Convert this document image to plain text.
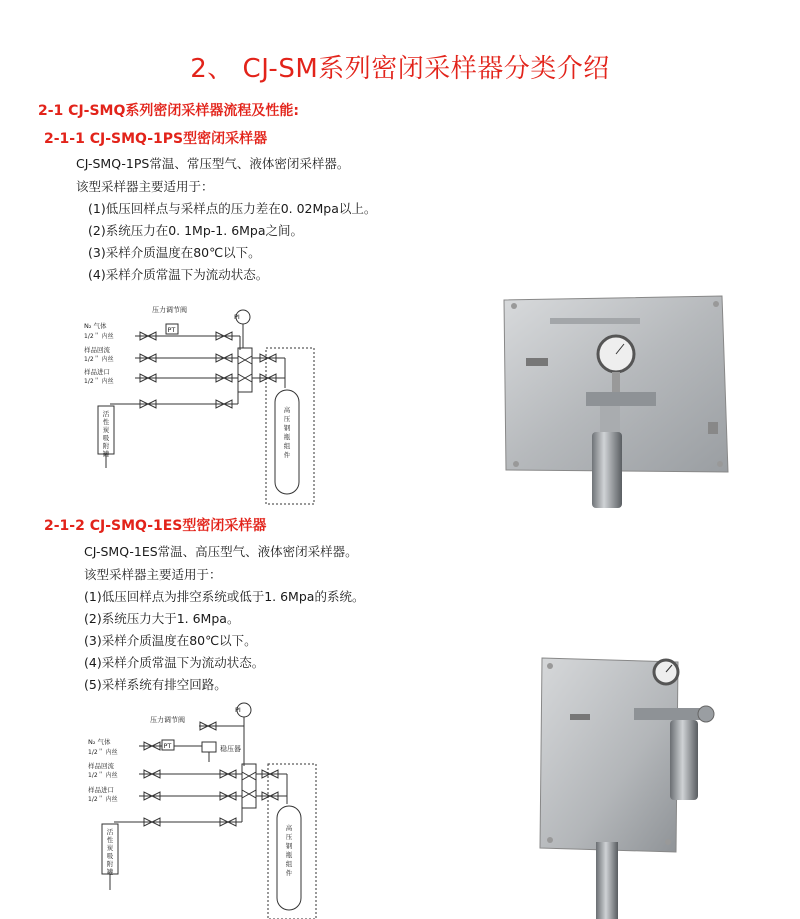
2、 CJ-SM系列密闭采样器分类介绍
2-1 CJ-SMQ系列密闭采样器流程及性能:
2-1-1 CJ-SMQ-1PS型密闭采样器
CJ-SMQ-1PS常温、常压型气、液体密闭采样器。
该型采样器主要适用于：
(1)低压回样点与采样点的压力差在0. 02Mpa以上。
(2)系统压力在0. 1Mp-1. 6Mpa之间。
(3)采样介质温度在80℃以下。
(4)采样介质常温下为流动状态。
PT
PI
压力调节阀
N₂ 气体
1/2＂ 内丝
样品回流
1/2＂ 内丝
样品进口
1/2＂ 内丝
活
性
炭
吸
附
罐
高
压
钢
瓶
组
件
2-1-2 CJ-SMQ-1ES型密闭采样器
CJ-SMQ-1ES常温、高压型气、液体密闭采样器。
该型采样器主要适用于：
(1)低压回样点为排空系统或低于1. 6Mpa的系统。
(2)系统压力大于1. 6Mpa。
(3)采样介质温度在80℃以下。
(4)采样介质常温下为流动状态。
(5)采样系统有排空回路。
PT
PI
压力调节阀
稳压器
N₂ 气体
1/2＂ 内丝
样品回流
1/2＂ 内丝
样品进口
1/2＂ 内丝
活
性
炭
吸
附
罐
高
压
钢
瓶
组
件
